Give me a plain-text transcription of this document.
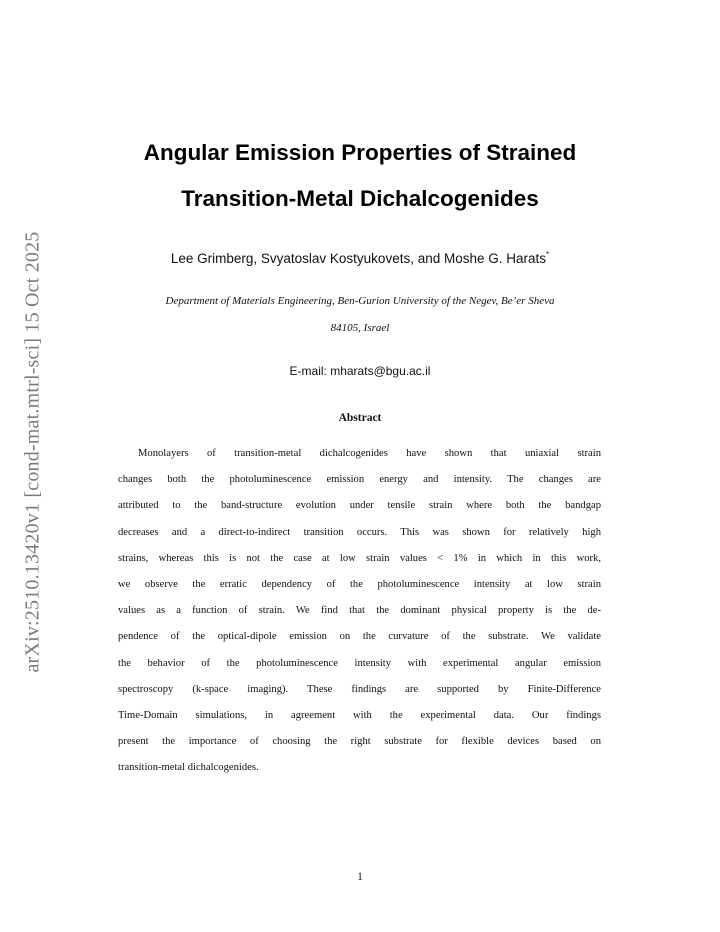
arXiv:2510.13420v1 [cond-mat.mtrl-sci] 15 Oct 2025
Angular Emission Properties of Strained
Transition-Metal Dichalcogenides
Lee Grimberg, Svyatoslav Kostyukovets, and Moshe G. Harats*
Department of Materials Engineering, Ben-Gurion University of the Negev, Be’er Sheva
84105, Israel
E-mail: mharats@bgu.ac.il
Abstract
Monolayers of transition-metal dichalcogenides have shown that uniaxial strain
changes both the photoluminescence emission energy and intensity. The changes are
attributed to the band-structure evolution under tensile strain where both the bandgap
decreases and a direct-to-indirect transition occurs. This was shown for relatively high
strains, whereas this is not the case at low strain values < 1% in which in this work,
we observe the erratic dependency of the photoluminescence intensity at low strain
values as a function of strain. We find that the dominant physical property is the de-
pendence of the optical-dipole emission on the curvature of the substrate. We validate
the behavior of the photoluminescence intensity with experimental angular emission
spectroscopy (k-space imaging). These findings are supported by Finite-Difference
Time-Domain simulations, in agreement with the experimental data. Our findings
present the importance of choosing the right substrate for flexible devices based on
transition-metal dichalcogenides.
1
